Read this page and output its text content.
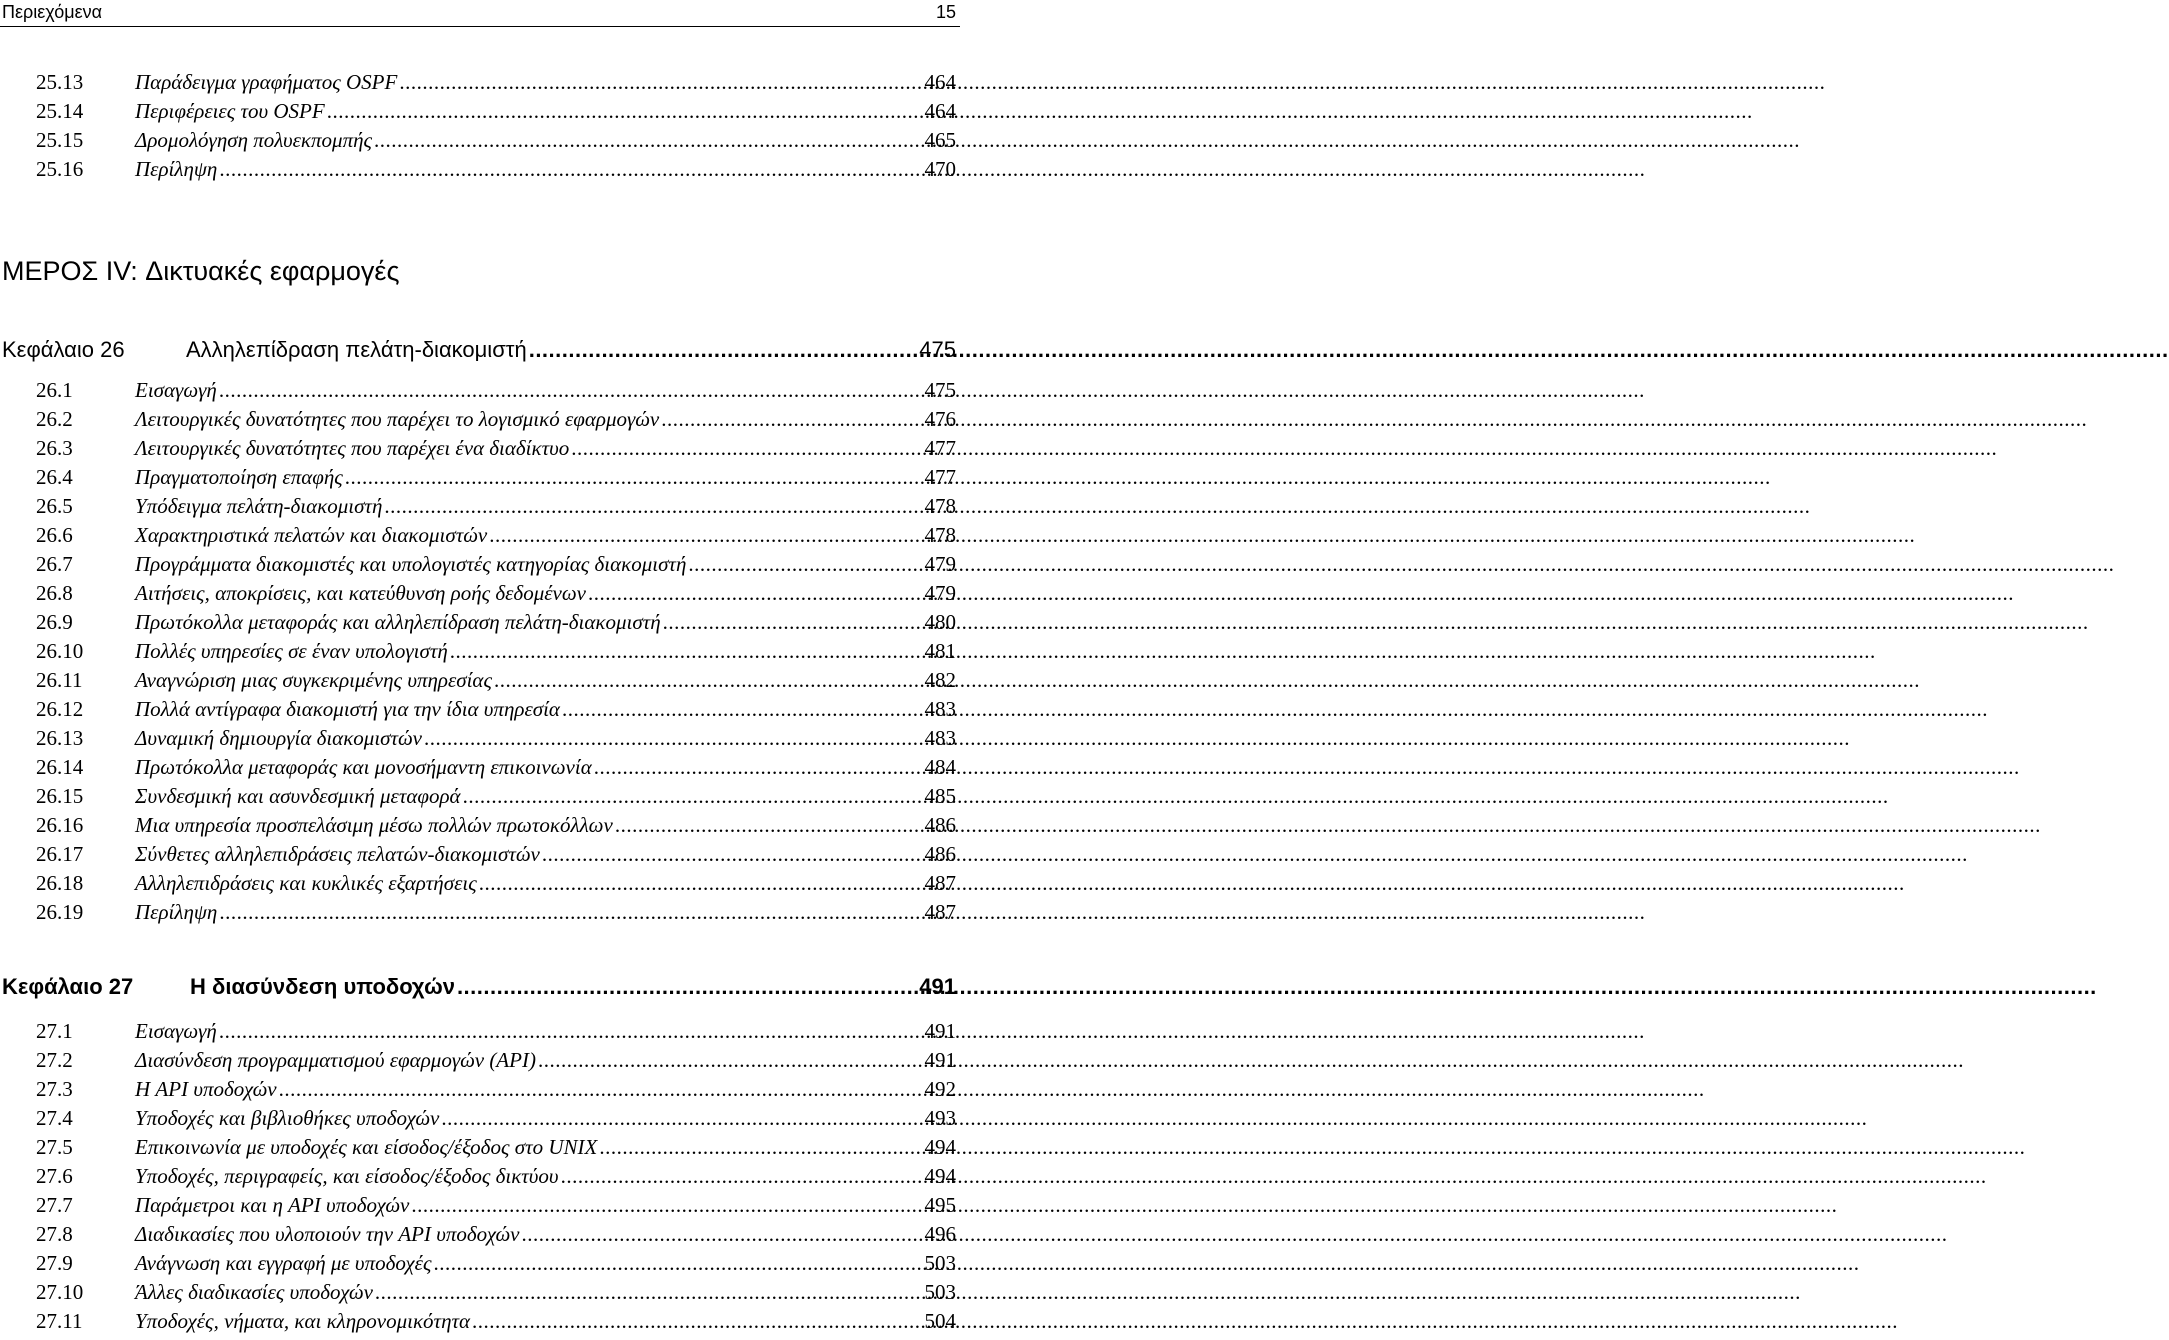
Περιεχόμενα	15
25.13	Παράδειγμα γραφήματος OSPF .....	464
25.14	Περιφέρειες του OSPF .....	464
25.15	Δρομολόγηση πολυεκπομπής .....	465
25.16	Περίληψη .....	470
ΜΕΡΟΣ IV: Δικτυακές εφαρμογές
Κεφάλαιο 26	Αλληλεπίδραση πελάτη-διακομιστή .....	475
26.1	Εισαγωγή .....	475
26.2	Λειτουργικές δυνατότητες που παρέχει το λογισμικό εφαρμογών .....	476
26.3	Λειτουργικές δυνατότητες που παρέχει ένα διαδίκτυο .....	477
26.4	Πραγματοποίηση επαφής .....	477
26.5	Υπόδειγμα πελάτη-διακομιστή .....	478
26.6	Χαρακτηριστικά πελατών και διακομιστών .....	478
26.7	Προγράμματα διακομιστές και υπολογιστές κατηγορίας διακομιστή .....	479
26.8	Αιτήσεις, αποκρίσεις, και κατεύθυνση ροής δεδομένων .....	479
26.9	Πρωτόκολλα μεταφοράς και αλληλεπίδραση πελάτη-διακομιστή .....	480
26.10	Πολλές υπηρεσίες σε έναν υπολογιστή .....	481
26.11	Αναγνώριση μιας συγκεκριμένης υπηρεσίας .....	482
26.12	Πολλά αντίγραφα διακομιστή για την ίδια υπηρεσία .....	483
26.13	Δυναμική δημιουργία διακομιστών .....	483
26.14	Πρωτόκολλα μεταφοράς και μονοσήμαντη επικοινωνία .....	484
26.15	Συνδεσμική και ασυνδεσμική μεταφορά .....	485
26.16	Μια υπηρεσία προσπελάσιμη μέσω πολλών πρωτοκόλλων .....	486
26.17	Σύνθετες αλληλεπιδράσεις πελατών-διακομιστών .....	486
26.18	Αλληλεπιδράσεις και κυκλικές εξαρτήσεις .....	487
26.19	Περίληψη .....	487
Κεφάλαιο 27	Η διασύνδεση υποδοχών .....	491
27.1	Εισαγωγή .....	491
27.2	Διασύνδεση προγραμματισμού εφαρμογών (API) .....	491
27.3	Η API υποδοχών .....	492
27.4	Υποδοχές και βιβλιοθήκες υποδοχών .....	493
27.5	Επικοινωνία με υποδοχές και είσοδος/έξοδος στο UNIX .....	494
27.6	Υποδοχές, περιγραφείς, και είσοδος/έξοδος δικτύου .....	494
27.7	Παράμετροι και η API υποδοχών .....	495
27.8	Διαδικασίες που υλοποιούν την API υποδοχών .....	496
27.9	Ανάγνωση και εγγραφή με υποδοχές .....	503
27.10	Άλλες διαδικασίες υποδοχών .....	503
27.11	Υποδοχές, νήματα, και κληρονομικότητα .....	504
